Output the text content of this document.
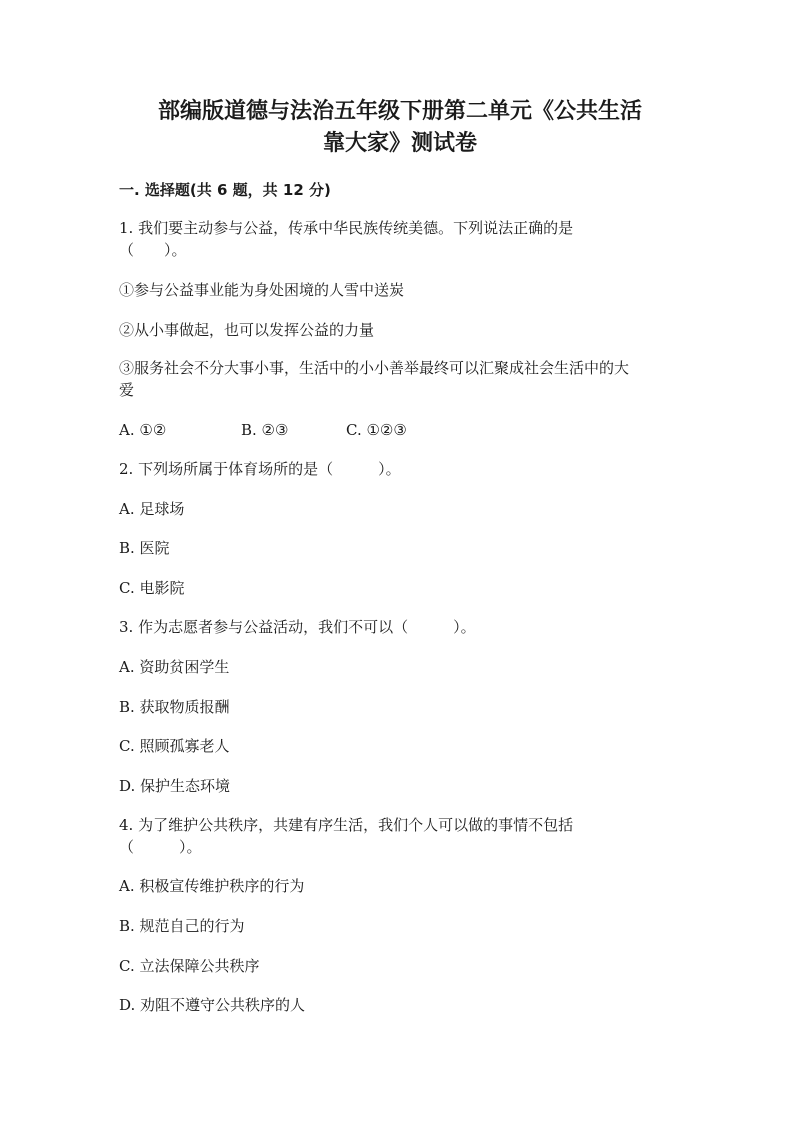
部编版道德与法治五年级下册第二单元《公共生活
靠大家》测试卷
一. 选择题(共 6 题，共 12 分)
1. 我们要主动参与公益，传承中华民族传统美德。下列说法正确的是
（　　）。
①参与公益事业能为身处困境的人雪中送炭
②从小事做起，也可以发挥公益的力量
③服务社会不分大事小事，生活中的小小善举最终可以汇聚成社会生活中的大
爱
A. ①②	B. ②③	C. ①②③
2. 下列场所属于体育场所的是（　　　）。
A. 足球场
B. 医院
C. 电影院
3. 作为志愿者参与公益活动，我们不可以（　　　）。
A. 资助贫困学生
B. 获取物质报酬
C. 照顾孤寡老人
D. 保护生态环境
4. 为了维护公共秩序，共建有序生活，我们个人可以做的事情不包括
（　　　）。
A. 积极宣传维护秩序的行为
B. 规范自己的行为
C. 立法保障公共秩序
D. 劝阻不遵守公共秩序的人
